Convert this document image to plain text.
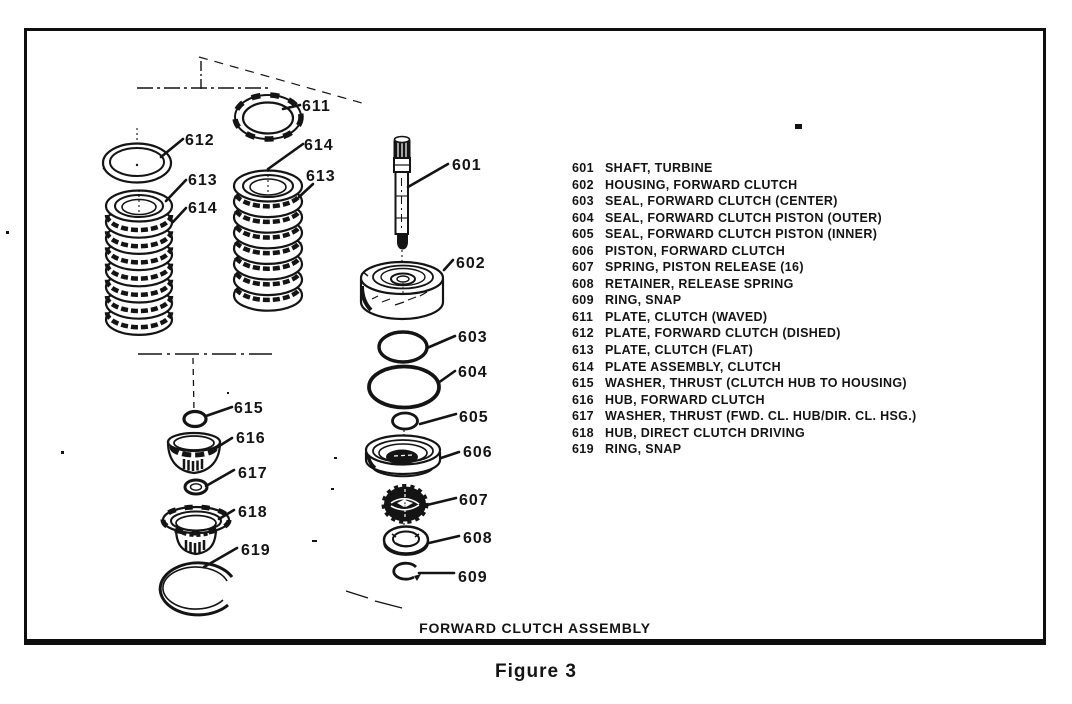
611
612
613
614
614
613
601
602
603
604
605
606
607
608
609
615
616
617
618
619
601 SHAFT, TURBINE
602 HOUSING, FORWARD CLUTCH
603 SEAL, FORWARD CLUTCH (CENTER)
604 SEAL, FORWARD CLUTCH PISTON (OUTER)
605 SEAL, FORWARD CLUTCH PISTON (INNER)
606 PISTON, FORWARD CLUTCH
607 SPRING, PISTON RELEASE (16)
608 RETAINER, RELEASE SPRING
609 RING, SNAP
611 PLATE, CLUTCH (WAVED)
612 PLATE, FORWARD CLUTCH (DISHED)
613 PLATE, CLUTCH (FLAT)
614 PLATE ASSEMBLY, CLUTCH
615 WASHER, THRUST (CLUTCH HUB TO HOUSING)
616 HUB, FORWARD CLUTCH
617 WASHER, THRUST (FWD. CL. HUB/DIR. CL. HSG.)
618 HUB, DIRECT CLUTCH DRIVING
619 RING, SNAP
FORWARD CLUTCH ASSEMBLY
Figure 3
